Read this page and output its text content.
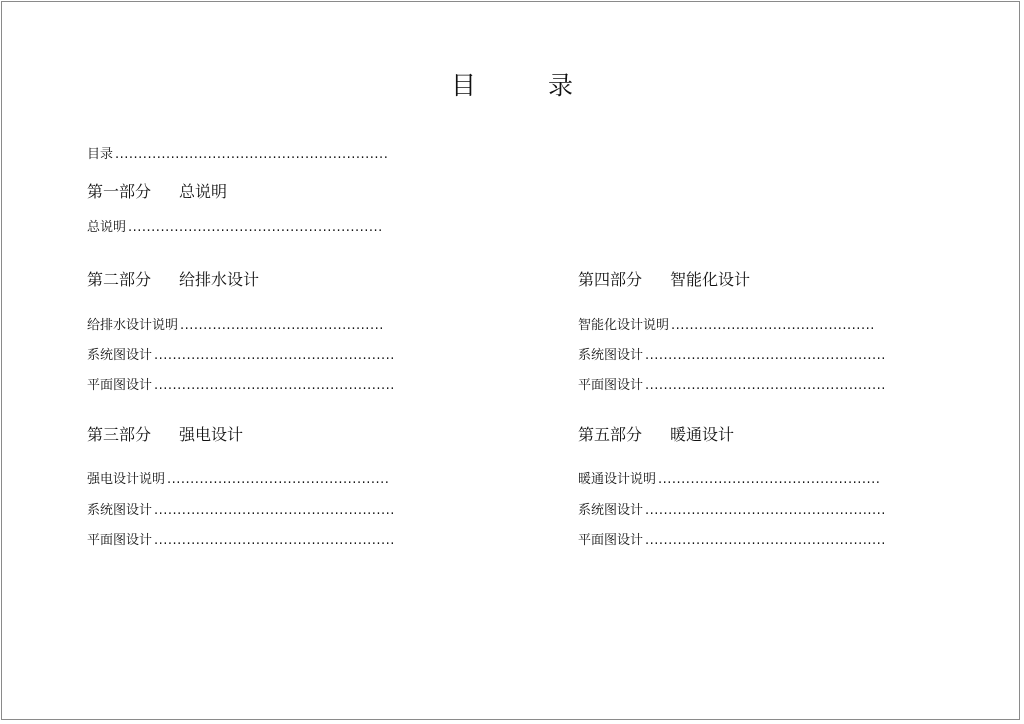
目	录
目录 ...........................................................
第一部分 总说明
总说明 .......................................................
第二部分 给排水设计
给排水设计说明 ............................................
系统图设计 ....................................................
平面图设计 ....................................................
第三部分 强电设计
强电设计说明 ................................................
系统图设计 ....................................................
平面图设计 ....................................................
第四部分 智能化设计
智能化设计说明 ............................................
系统图设计 ....................................................
平面图设计 ....................................................
第五部分 暖通设计
暖通设计说明 ................................................
系统图设计 ....................................................
平面图设计 ....................................................
